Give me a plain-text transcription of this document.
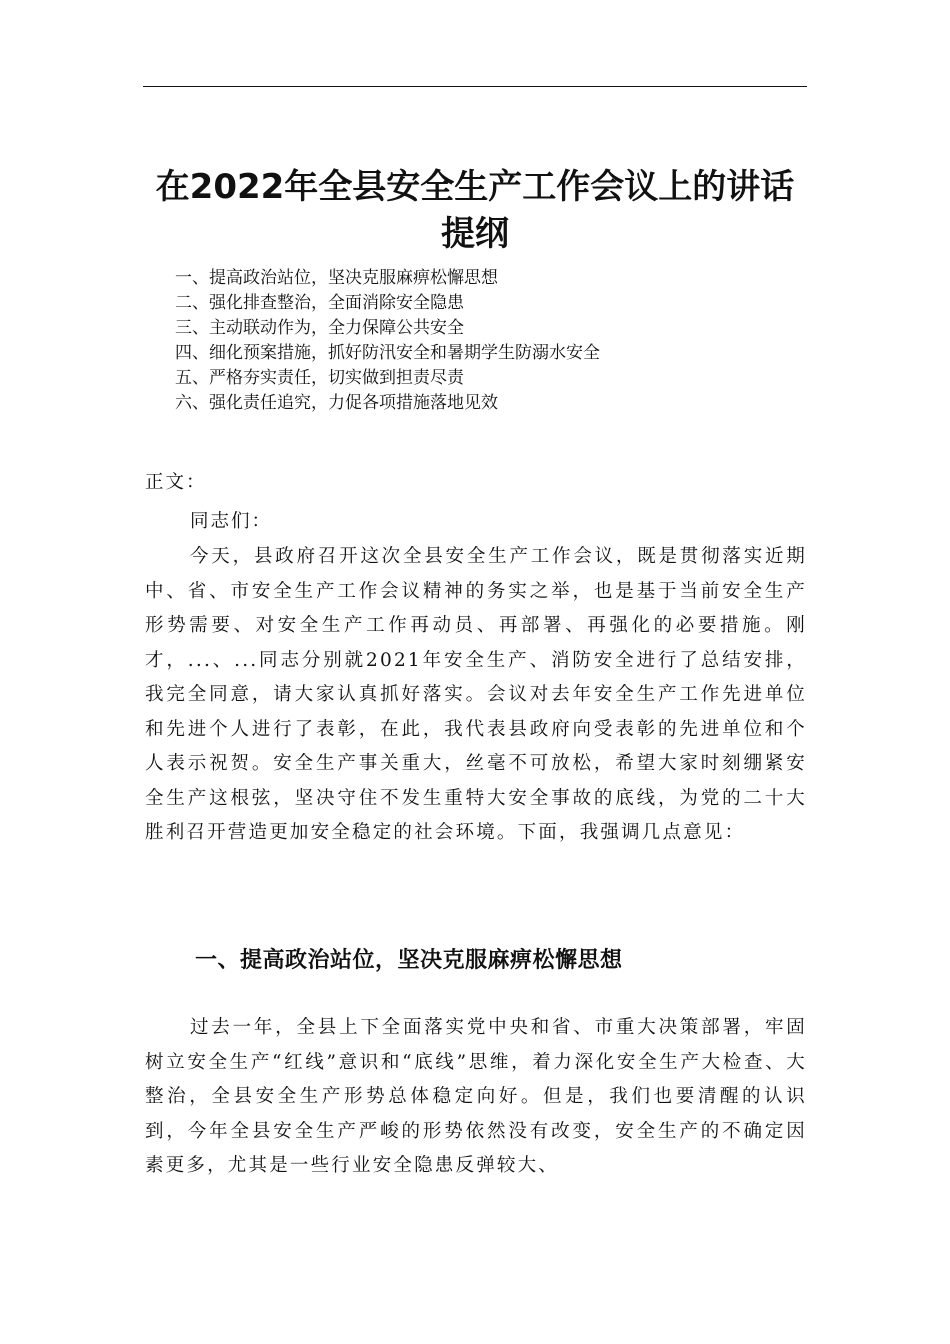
在2022年全县安全生产工作会议上的讲话
提纲
一、提高政治站位，坚决克服麻痹松懈思想
二、强化排查整治，全面消除安全隐患
三、主动联动作为，全力保障公共安全
四、细化预案措施，抓好防汛安全和暑期学生防溺水安全
五、严格夯实责任，切实做到担责尽责
六、强化责任追究，力促各项措施落地见效
正文：
同志们：

今天，县政府召开这次全县安全生产工作会议，既是贯彻落实近期中、省、市安全生产工作会议精神的务实之举，也是基于当前安全生产形势需要、对安全生产工作再动员、再部署、再强化的必要措施。刚才，...、...同志分别就2021年安全生产、消防安全进行了总结安排，我完全同意，请大家认真抓好落实。会议对去年安全生产工作先进单位和先进个人进行了表彰，在此，我代表县政府向受表彰的先进单位和个人表示祝贺。安全生产事关重大，丝毫不可放松，希望大家时刻绷紧安全生产这根弦，坚决守住不发生重特大安全事故的底线，为党的二十大胜利召开营造更加安全稳定的社会环境。下面，我强调几点意见：

一、提高政治站位，坚决克服麻痹松懈思想

过去一年，全县上下全面落实党中央和省、市重大决策部署，牢固树立安全生产“红线”意识和“底线”思维，着力深化安全生产大检查、大整治，全县安全生产形势总体稳定向好。但是，我们也要清醒的认识到，今年全县安全生产严峻的形势依然没有改变，安全生产的不确定因素更多，尤其是一些行业安全隐患反弹较大、
